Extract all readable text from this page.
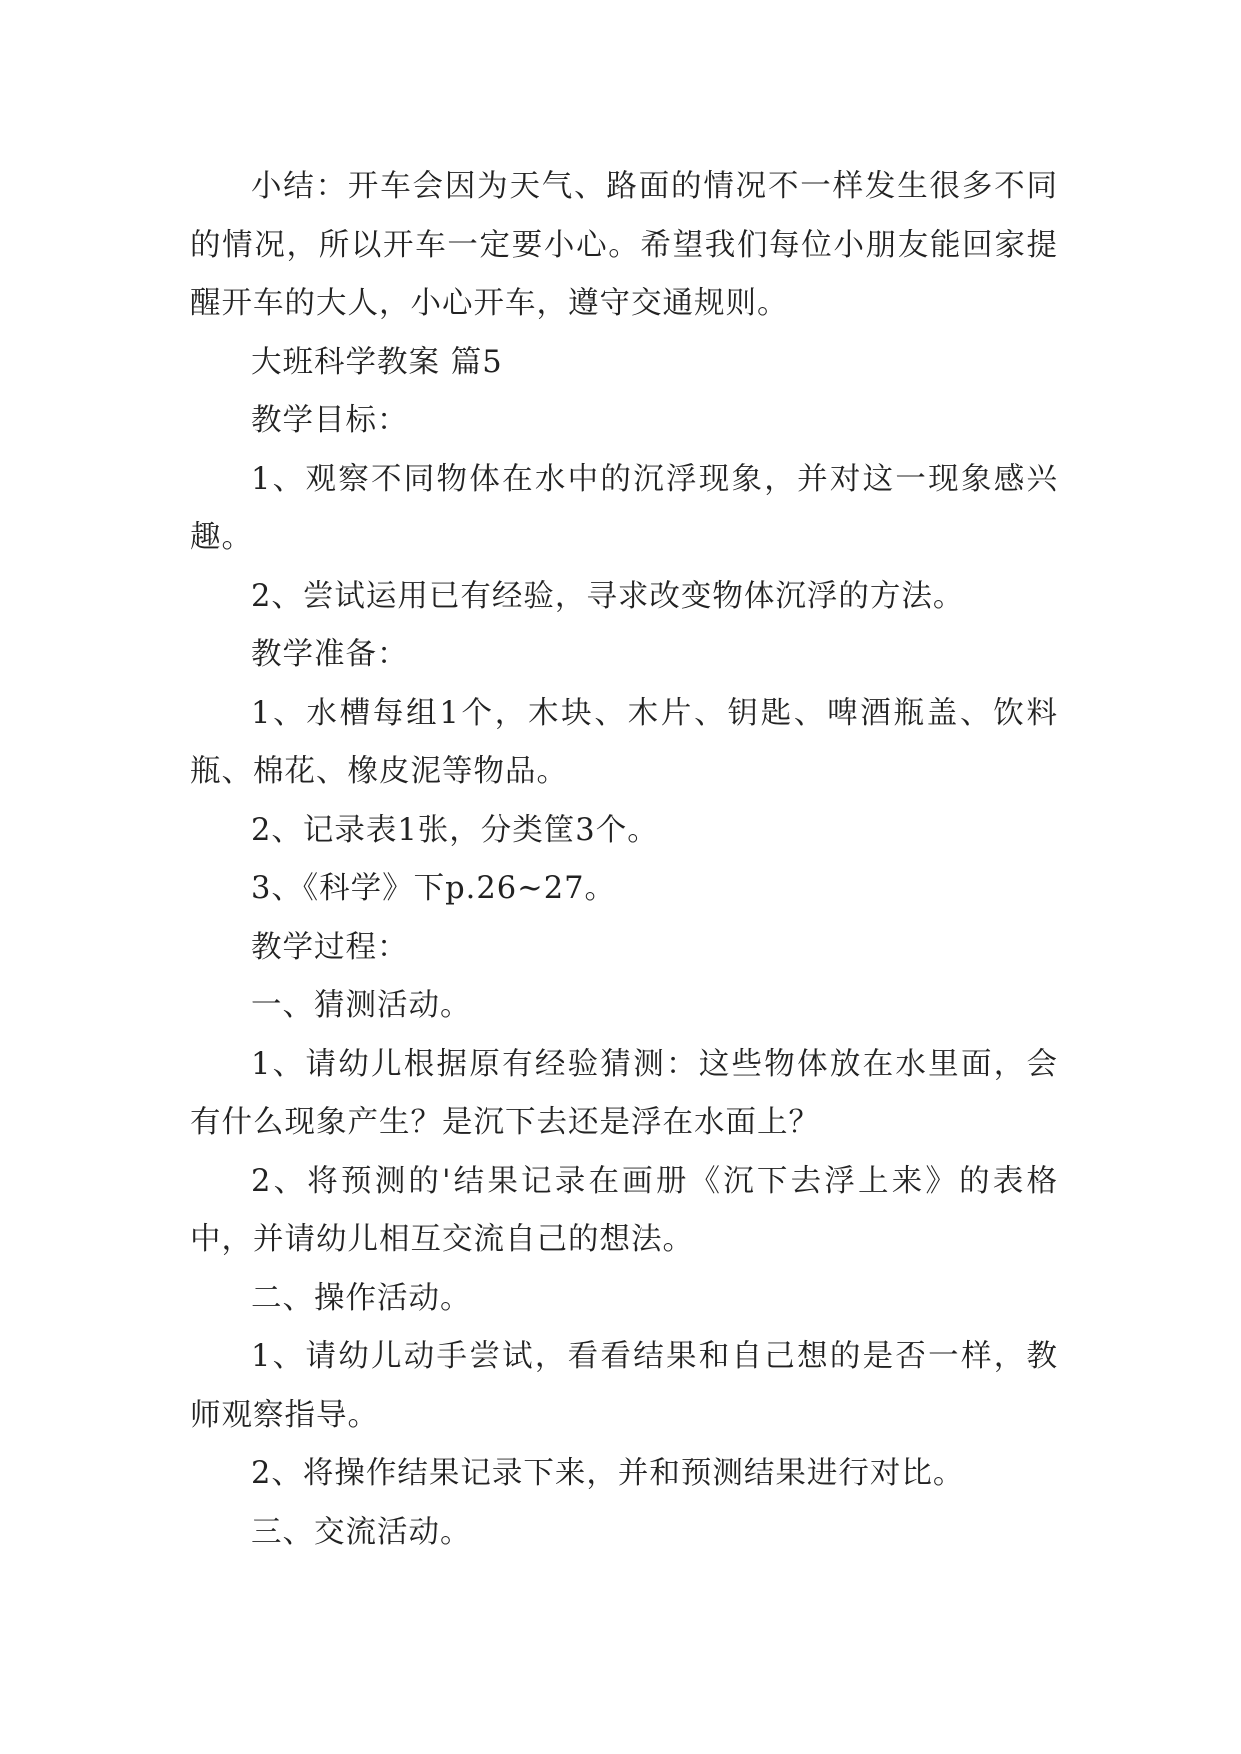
小结：开车会因为天气、路面的情况不一样发生很多不同的情况，所以开车一定要小心。希望我们每位小朋友能回家提醒开车的大人，小心开车，遵守交通规则。

大班科学教案 篇5

教学目标：

1、观察不同物体在水中的沉浮现象，并对这一现象感兴趣。

2、尝试运用已有经验，寻求改变物体沉浮的方法。

教学准备：

1、水槽每组1个，木块、木片、钥匙、啤酒瓶盖、饮料瓶、棉花、橡皮泥等物品。

2、记录表1张，分类筐3个。

3、《科学》下p.26~27。

教学过程：

一、猜测活动。

1、请幼儿根据原有经验猜测：这些物体放在水里面，会有什么现象产生？是沉下去还是浮在水面上？

2、将预测的'结果记录在画册《沉下去浮上来》的表格中，并请幼儿相互交流自己的想法。

二、操作活动。

1、请幼儿动手尝试，看看结果和自己想的是否一样，教师观察指导。

2、将操作结果记录下来，并和预测结果进行对比。

三、交流活动。
